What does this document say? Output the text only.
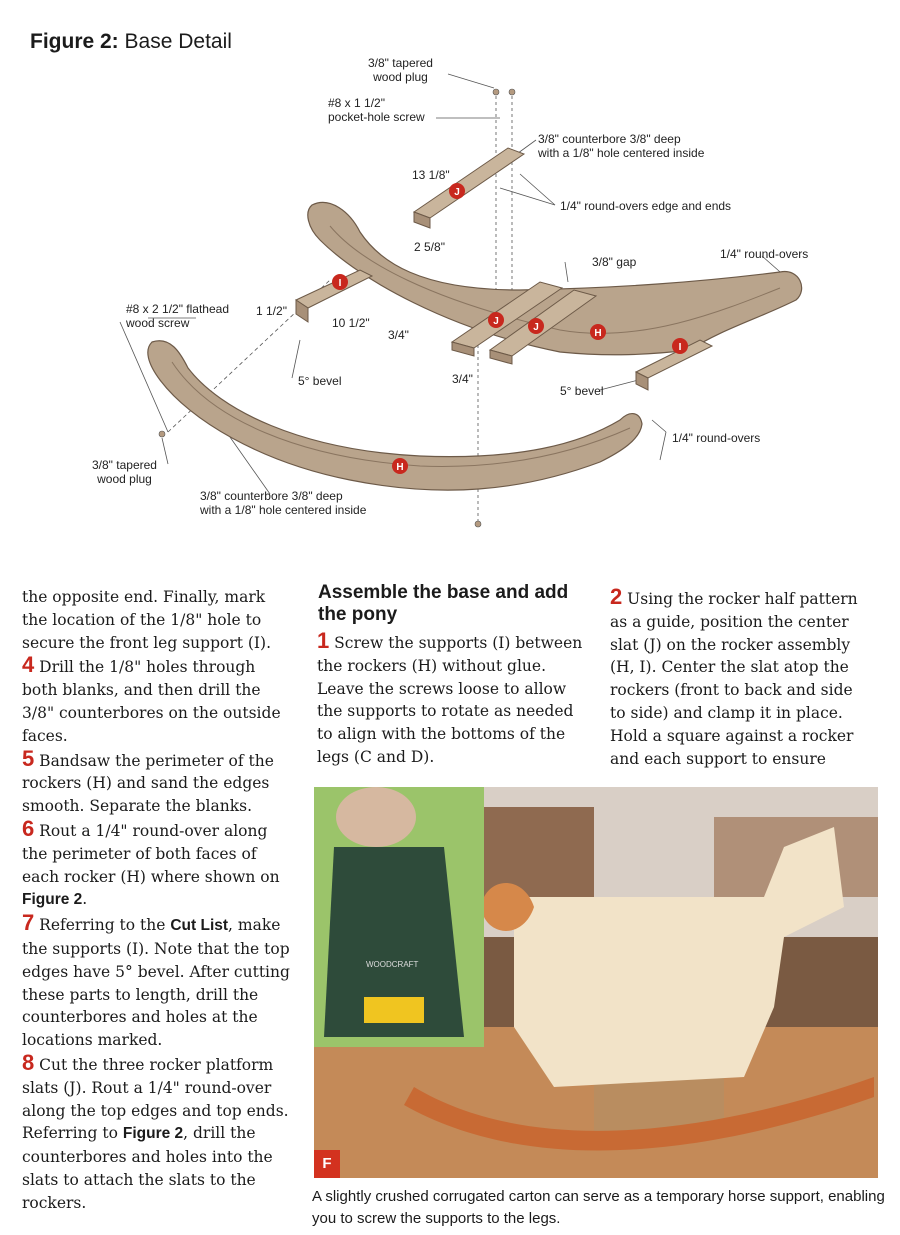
Figure 2: Base Detail
J
I
J
J
H
I
H
3/8" tapered
wood plug
#8 x 1 1/2"
pocket-hole screw
3/8" counterbore 3/8" deep
with a 1/8" hole centered inside
13 1/8"
1/4" round-overs edge and ends
2 5/8"
3/8" gap
1/4" round-overs
#8 x 2 1/2" flathead
wood screw
1 1/2"
10 1/2"
3/4"
3/4"
5° bevel
5° bevel
1/4" round-overs
3/8" tapered
wood plug
3/8" counterbore 3/8" deep
with a 1/8" hole centered inside

the opposite end. Finally, mark the location of the 1/8" hole to secure the front leg support (I).

4 Drill the 1/8" holes through both blanks, and then drill the 3/8" counterbores on the outside faces.

5 Bandsaw the perimeter of the rockers (H) and sand the edges smooth. Separate the blanks.

6 Rout a 1/4" round-over along the perimeter of both faces of each rocker (H) where shown on Figure 2.

7 Referring to the Cut List, make the supports (I). Note that the top edges have 5° bevel. After cutting these parts to length, drill the counterbores and holes at the locations marked.

8 Cut the three rocker platform slats (J). Rout a 1/4" round-over along the top edges and top ends. Referring to Figure 2, drill the counterbores and holes into the slats to attach the slats to the rockers.

Assemble the base and add the pony

1 Screw the supports (I) between the rockers (H) without glue. Leave the screws loose to allow the supports to rotate as needed to align with the bottoms of the legs (C and D).

2 Using the rocker half pattern as a guide, position the center slat (J) on the rocker assembly (H, I). Center the slat atop the rockers (front to back and side to side) and clamp it in place. Hold a square against a rocker and each support to ensure

WOODCRAFT
F
A slightly crushed corrugated carton can serve as a temporary horse support, enabling you to screw the supports to the legs.
